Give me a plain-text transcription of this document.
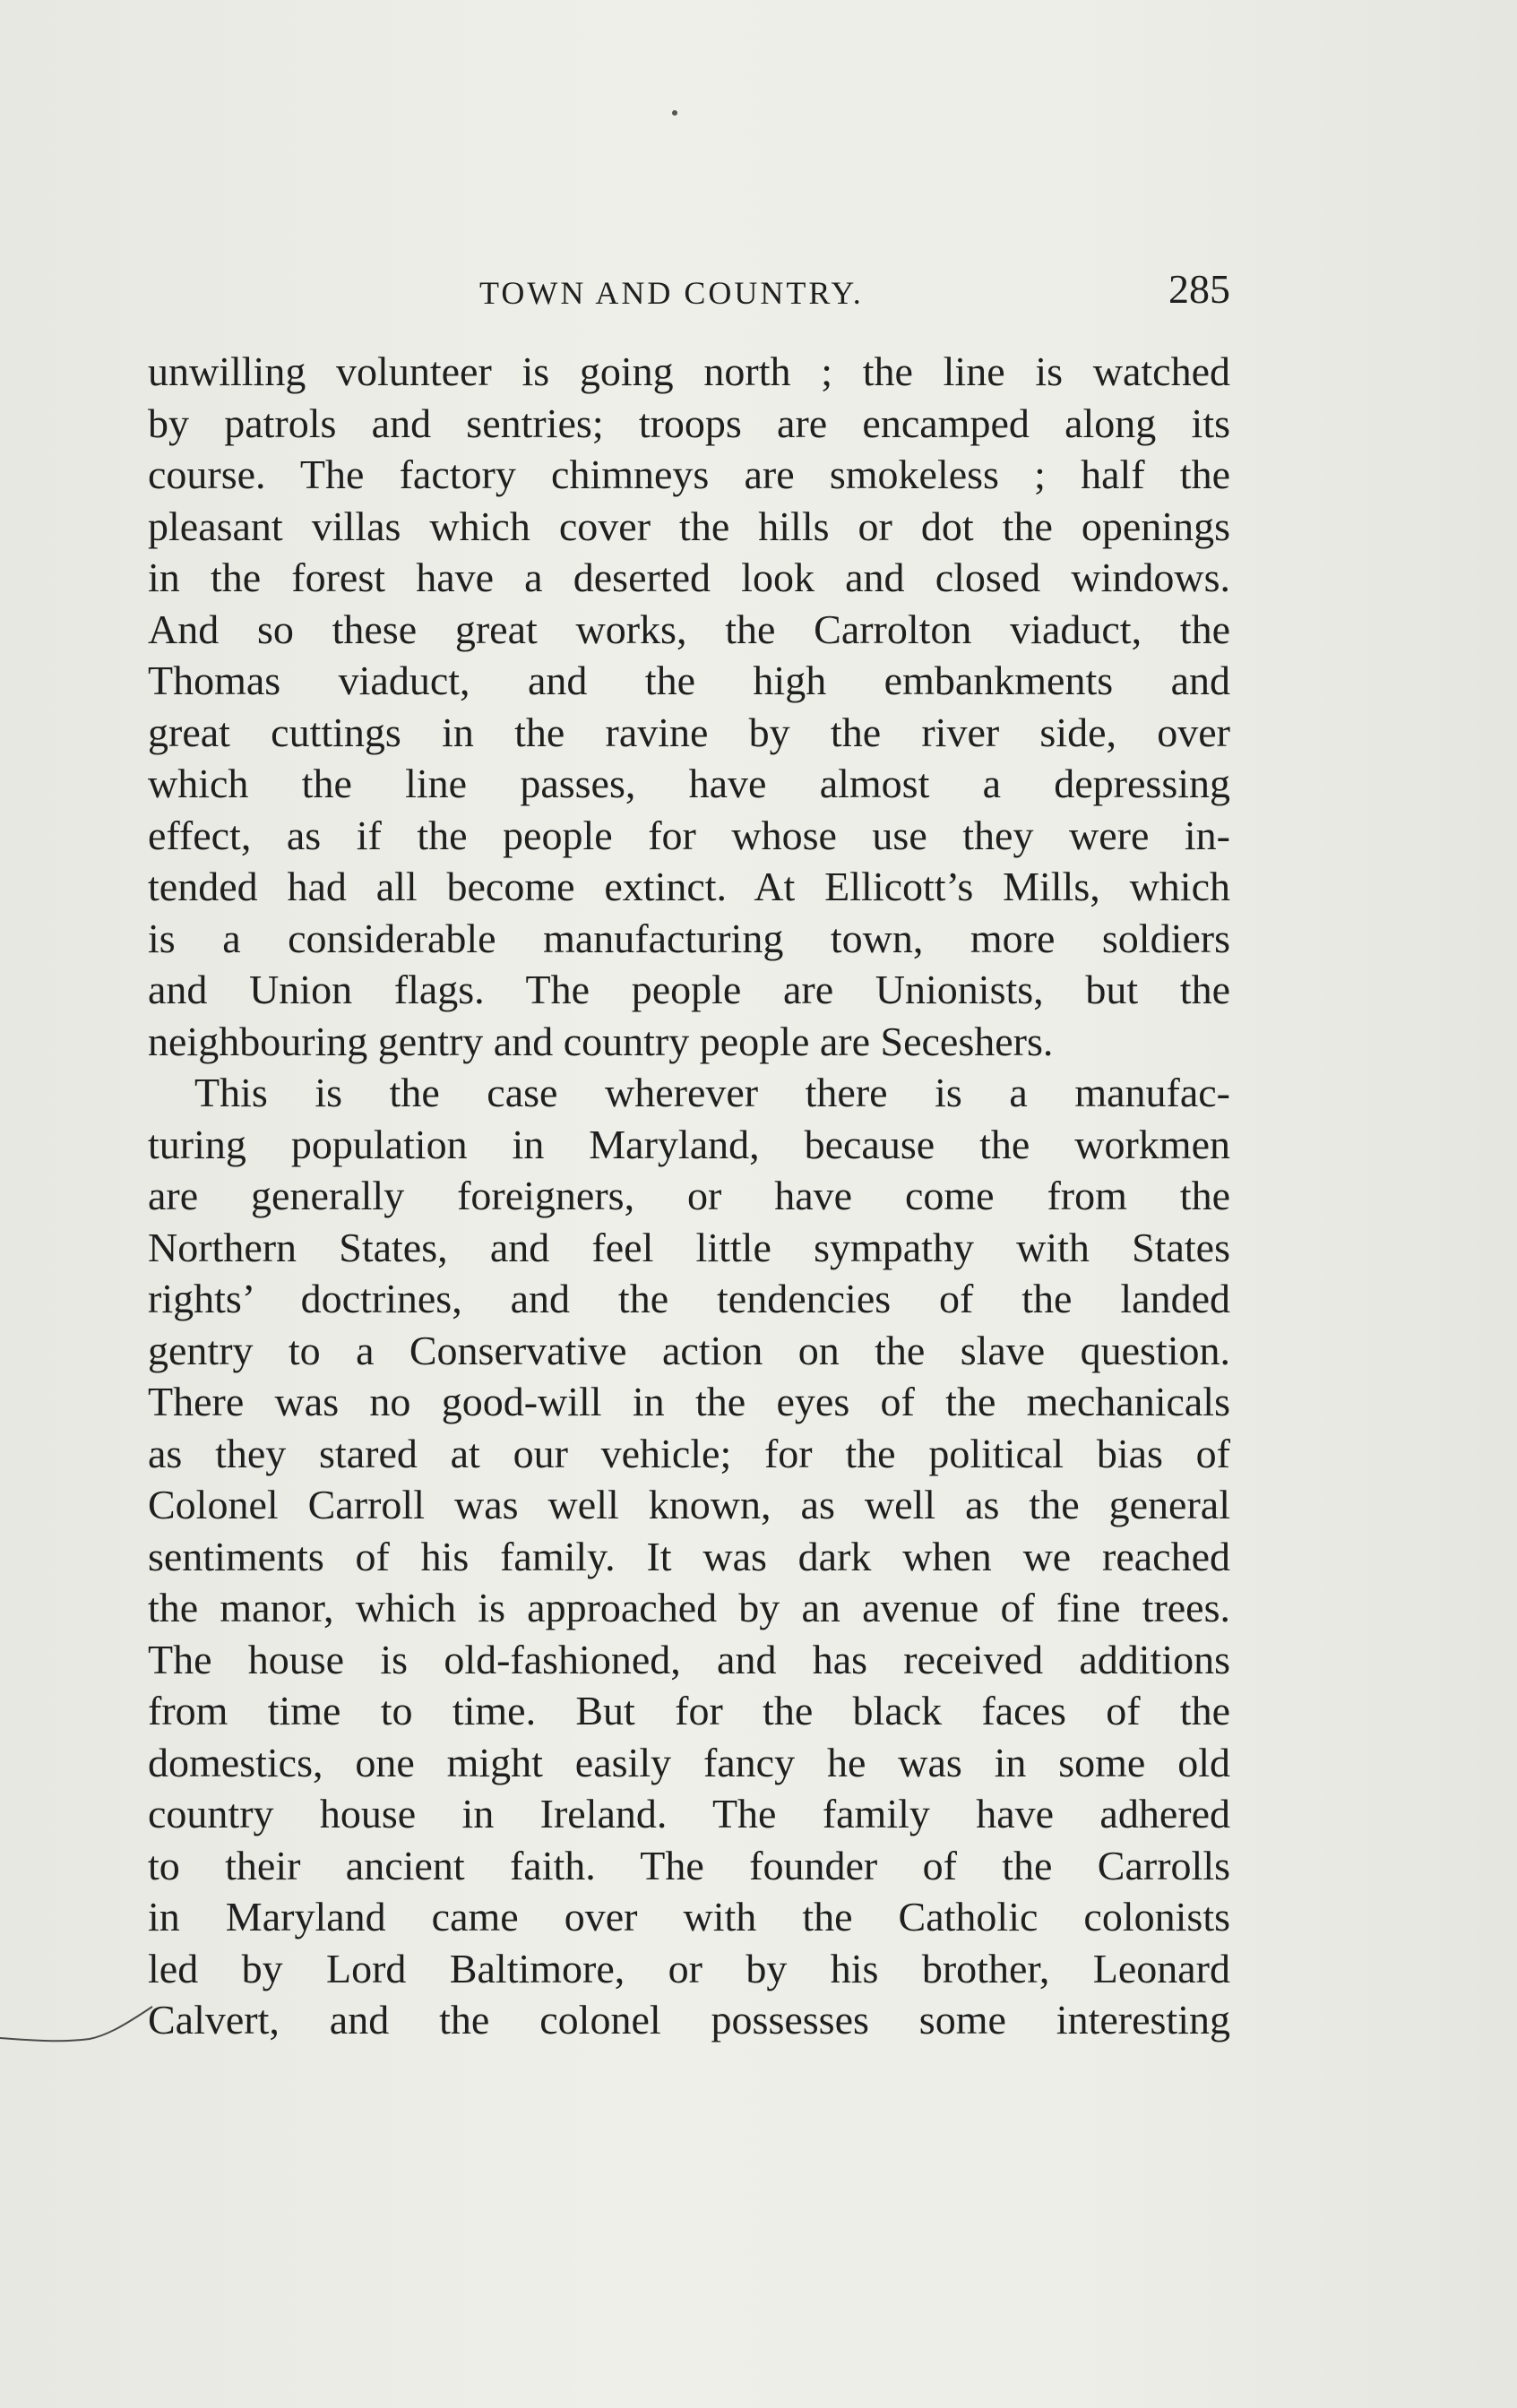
TOWN AND COUNTRY.	285
unwilling volunteer is going north ; the line is watched
by patrols and sentries; troops are encamped along its
course. The factory chimneys are smokeless ; half the
pleasant villas which cover the hills or dot the openings
in the forest have a deserted look and closed windows.
And so these great works, the Carrolton viaduct, the
Thomas viaduct, and the high embankments and
great cuttings in the ravine by the river side, over
which the line passes, have almost a depressing
effect, as if the people for whose use they were in-
tended had all become extinct. At Ellicott’s Mills, which
is a considerable manufacturing town, more soldiers
and Union flags. The people are Unionists, but the
neighbouring gentry and country people are Seceshers.
This is the case wherever there is a manufac-
turing population in Maryland, because the workmen
are generally foreigners, or have come from the
Northern States, and feel little sympathy with States
rights’ doctrines, and the tendencies of the landed
gentry to a Conservative action on the slave question.
There was no good-will in the eyes of the mechanicals
as they stared at our vehicle; for the political bias of
Colonel Carroll was well known, as well as the general
sentiments of his family. It was dark when we reached
the manor, which is approached by an avenue of fine trees.
The house is old-fashioned, and has received additions
from time to time. But for the black faces of the
domestics, one might easily fancy he was in some old
country house in Ireland. The family have adhered
to their ancient faith. The founder of the Carrolls
in Maryland came over with the Catholic colonists
led by Lord Baltimore, or by his brother, Leonard
Calvert, and the colonel possesses some interesting
